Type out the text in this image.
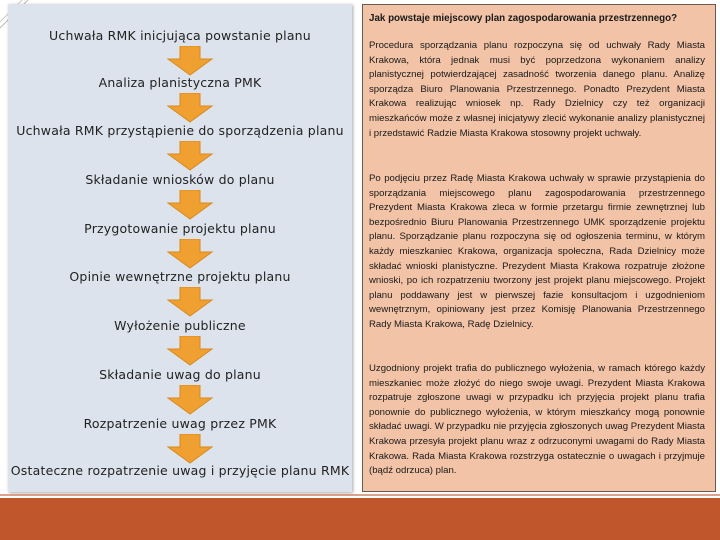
Uchwała RMK inicjująca powstanie planu
Analiza planistyczna PMK
Uchwała RMK przystąpienie do sporządzenia planu
Składanie wniosków do planu
Przygotowanie projektu planu
Opinie wewnętrzne projektu planu
Wyłożenie publiczne
Składanie uwag do planu
Rozpatrzenie uwag przez PMK
Ostateczne rozpatrzenie uwag i przyjęcie planu RMK
Jak powstaje miejscowy plan zagospodarowania przestrzennego?
Procedura sporządzania planu rozpoczyna się od uchwały Rady Miasta Krakowa, która jednak musi być poprzedzona wykonaniem analizy planistycznej potwierdzającej zasadność tworzenia danego planu. Analizę sporządza Biuro Planowania Przestrzennego. Ponadto Prezydent Miasta Krakowa realizując wniosek np. Rady Dzielnicy czy też organizacji mieszkańców może z własnej inicjatywy zlecić wykonanie analizy planistycznej i przedstawić Radzie Miasta Krakowa stosowny projekt uchwały.
Po podjęciu przez Radę Miasta Krakowa uchwały w sprawie przystąpienia do sporządzania miejscowego planu zagospodarowania przestrzennego Prezydent Miasta Krakowa zleca w formie przetargu firmie zewnętrznej lub bezpośrednio Biuru Planowania Przestrzennego UMK sporządzenie projektu planu. Sporządzanie planu rozpoczyna się od ogłoszenia terminu, w którym każdy mieszkaniec Krakowa, organizacja społeczna, Rada Dzielnicy może składać wnioski planistyczne. Prezydent Miasta Krakowa rozpatruje złożone wnioski, po ich rozpatrzeniu tworzony jest projekt planu miejscowego. Projekt planu poddawany jest w pierwszej fazie konsultacjom i uzgodnieniom wewnętrznym, opiniowany jest przez Komisję Planowania Przestrzennego Rady Miasta Krakowa, Radę Dzielnicy.
Uzgodniony projekt trafia do publicznego wyłożenia, w ramach którego każdy mieszkaniec może złożyć do niego swoje uwagi. Prezydent Miasta Krakowa rozpatruje zgłoszone uwagi w przypadku ich przyjęcia projekt planu trafia ponownie do publicznego wyłożenia, w którym mieszkańcy mogą ponownie składać uwagi. W przypadku nie przyjęcia zgłoszonych uwag Prezydent Miasta Krakowa przesyła projekt planu wraz z odrzuconymi uwagami do Rady Miasta Krakowa. Rada Miasta Krakowa rozstrzyga ostatecznie o uwagach i przyjmuje (bądź odrzuca) plan.
